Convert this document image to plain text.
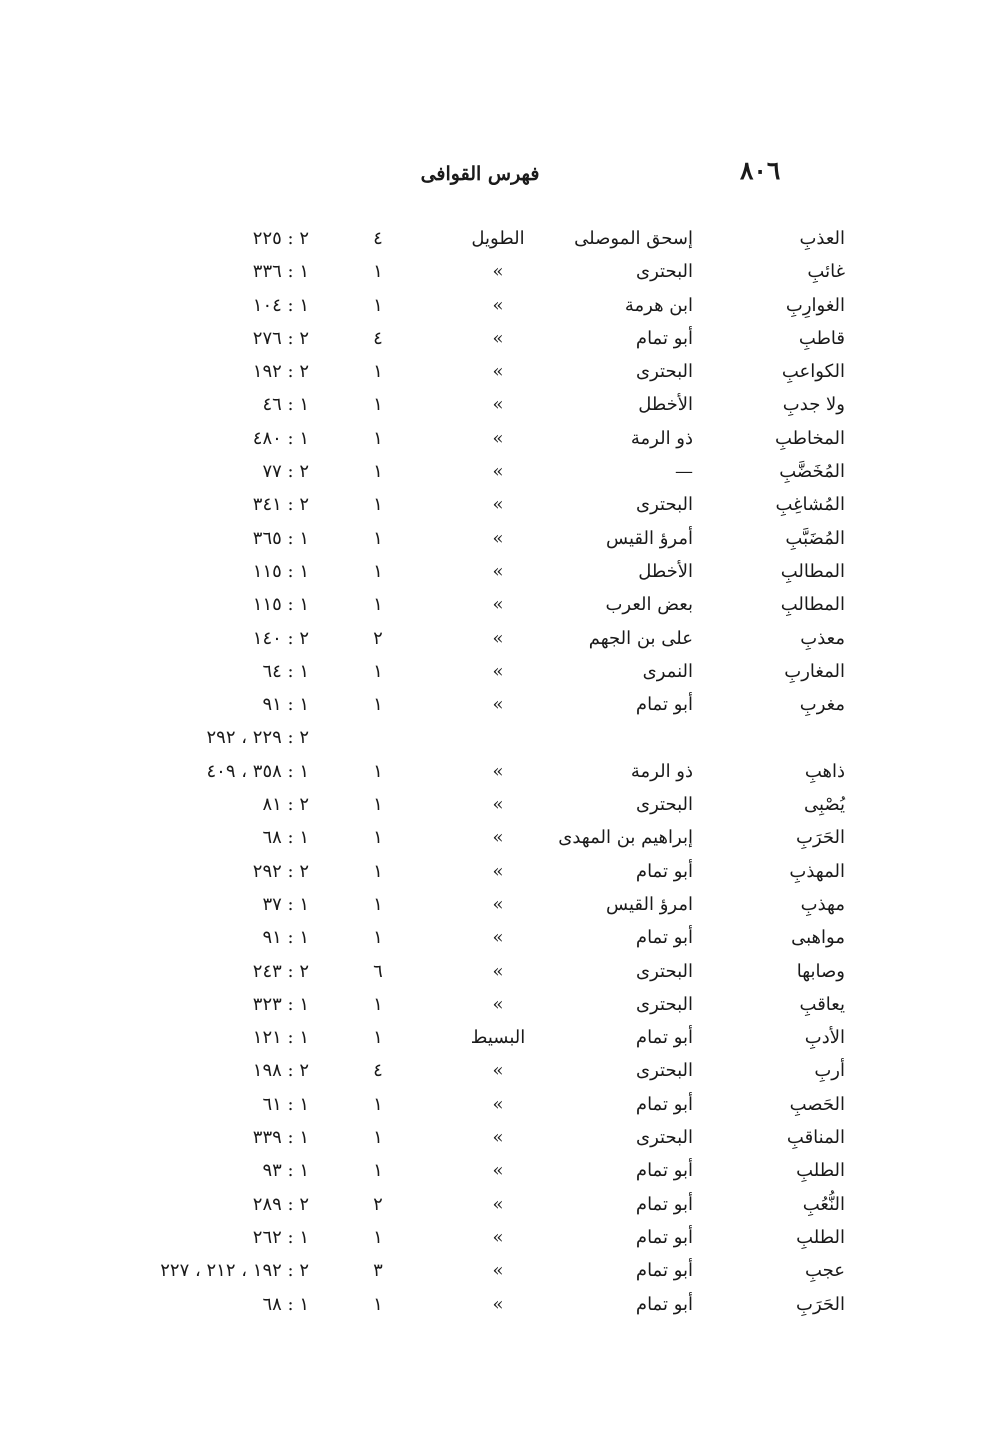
٨٠٦
فهرس القوافى
العذبِ
إسحق الموصلى
الطويل
٤
٢ : ٢٢٥
غائبِ
البحترى
»
١
١ : ٣٣٦
الغوارِبِ
ابن هرمة
»
١
١ : ١٠٤
قاطبِ
أبو تمام
»
٤
٢ : ٢٧٦
الكواعبِ
البحترى
»
١
٢ : ١٩٢
ولا جدبِ
الأخطل
»
١
١ : ٤٦
المخاطبِ
ذو الرمة
»
١
١ : ٤٨٠
المُخَضَّبِ
—
»
١
٢ : ٧٧
المُشاغِبِ
البحترى
»
١
٢ : ٣٤١
المُضَبَّبِ
أمرؤ القيس
»
١
١ : ٣٦٥
المطالبِ
الأخطل
»
١
١ : ١١٥
المطالبِ
بعض العرب
»
١
١ : ١١٥
معذبِ
على بن الجهم
»
٢
٢ : ١٤٠
المغاربِ
النمرى
»
١
١ : ٦٤
مغربِ
أبو تمام
»
١
١ : ٩١
٢ : ٢٢٩ ، ٢٩٢
ذاهبِ
ذو الرمة
»
١
١ : ٣٥٨ ، ٤٠٩
يُصْبِى
البحترى
»
١
٢ : ٨١
الحَرَبِ
إبراهيم بن المهدى
»
١
١ : ٦٨
المهذبِ
أبو تمام
»
١
٢ : ٢٩٢
مهذبِ
امرؤ القيس
»
١
١ : ٣٧
مواهبى
أبو تمام
»
١
١ : ٩١
وصابها
البحترى
»
٦
٢ : ٢٤٣
يعاقبِ
البحترى
»
١
١ : ٣٢٣
الأدبِ
أبو تمام
البسيط
١
١ : ١٢١
أربِ
البحترى
»
٤
٢ : ١٩٨
الحَصبِ
أبو تمام
»
١
١ : ٦١
المناقبِ
البحترى
»
١
١ : ٣٣٩
الطلبِ
أبو تمام
»
١
١ : ٩٣
النُّعُبِ
أبو تمام
»
٢
٢ : ٢٨٩
الطلبِ
أبو تمام
»
١
١ : ٢٦٢
عجبِ
أبو تمام
»
٣
٢ : ١٩٢ ، ٢١٢ ، ٢٢٧
الحَرَبِ
أبو تمام
»
١
١ : ٦٨
